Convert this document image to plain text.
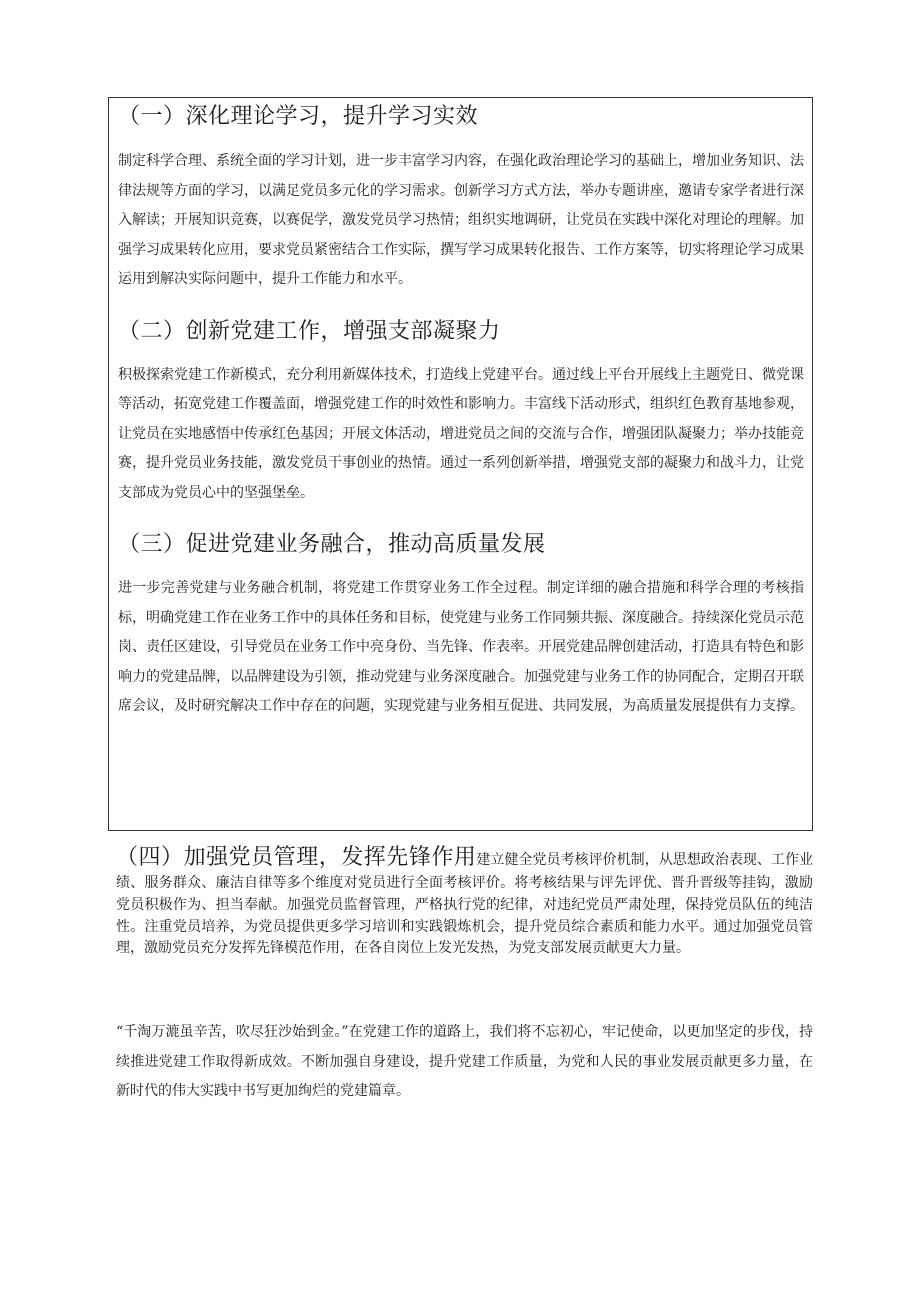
（一）深化理论学习，提升学习实效

制定科学合理、系统全面的学习计划，进一步丰富学习内容，在强化政治理论学习的基础上，增加业务知识、法律法规等方面的学习，以满足党员多元化的学习需求。创新学习方式方法，举办专题讲座，邀请专家学者进行深入解读；开展知识竞赛，以赛促学，激发党员学习热情；组织实地调研，让党员在实践中深化对理论的理解。加强学习成果转化应用，要求党员紧密结合工作实际，撰写学习成果转化报告、工作方案等，切实将理论学习成果运用到解决实际问题中，提升工作能力和水平。

（二）创新党建工作，增强支部凝聚力

积极探索党建工作新模式，充分利用新媒体技术，打造线上党建平台。通过线上平台开展线上主题党日、微党课等活动，拓宽党建工作覆盖面，增强党建工作的时效性和影响力。丰富线下活动形式，组织红色教育基地参观，让党员在实地感悟中传承红色基因；开展文体活动，增进党员之间的交流与合作，增强团队凝聚力；举办技能竞赛，提升党员业务技能，激发党员干事创业的热情。通过一系列创新举措，增强党支部的凝聚力和战斗力，让党支部成为党员心中的坚强堡垒。

（三）促进党建业务融合，推动高质量发展

进一步完善党建与业务融合机制，将党建工作贯穿业务工作全过程。制定详细的融合措施和科学合理的考核指标，明确党建工作在业务工作中的具体任务和目标，使党建与业务工作同频共振、深度融合。持续深化党员示范岗、责任区建设，引导党员在业务工作中亮身份、当先锋、作表率。开展党建品牌创建活动，打造具有特色和影响力的党建品牌，以品牌建设为引领，推动党建与业务深度融合。加强党建与业务工作的协同配合，定期召开联席会议，及时研究解决工作中存在的问题，实现党建与业务相互促进、共同发展，为高质量发展提供有力支撑。

（四）加强党员管理，发挥先锋作用建立健全党员考核评价机制，从思想政治表现、工作业绩、服务群众、廉洁自律等多个维度对党员进行全面考核评价。将考核结果与评先评优、晋升晋级等挂钩，激励党员积极作为、担当奉献。加强党员监督管理，严格执行党的纪律，对违纪党员严肃处理，保持党员队伍的纯洁性。注重党员培养，为党员提供更多学习培训和实践锻炼机会，提升党员综合素质和能力水平。通过加强党员管理，激励党员充分发挥先锋模范作用，在各自岗位上发光发热，为党支部发展贡献更大力量。

“千淘万漉虽辛苦，吹尽狂沙始到金。”在党建工作的道路上，我们将不忘初心，牢记使命，以更加坚定的步伐，持续推进党建工作取得新成效。不断加强自身建设，提升党建工作质量，为党和人民的事业发展贡献更多力量，在新时代的伟大实践中书写更加绚烂的党建篇章。
